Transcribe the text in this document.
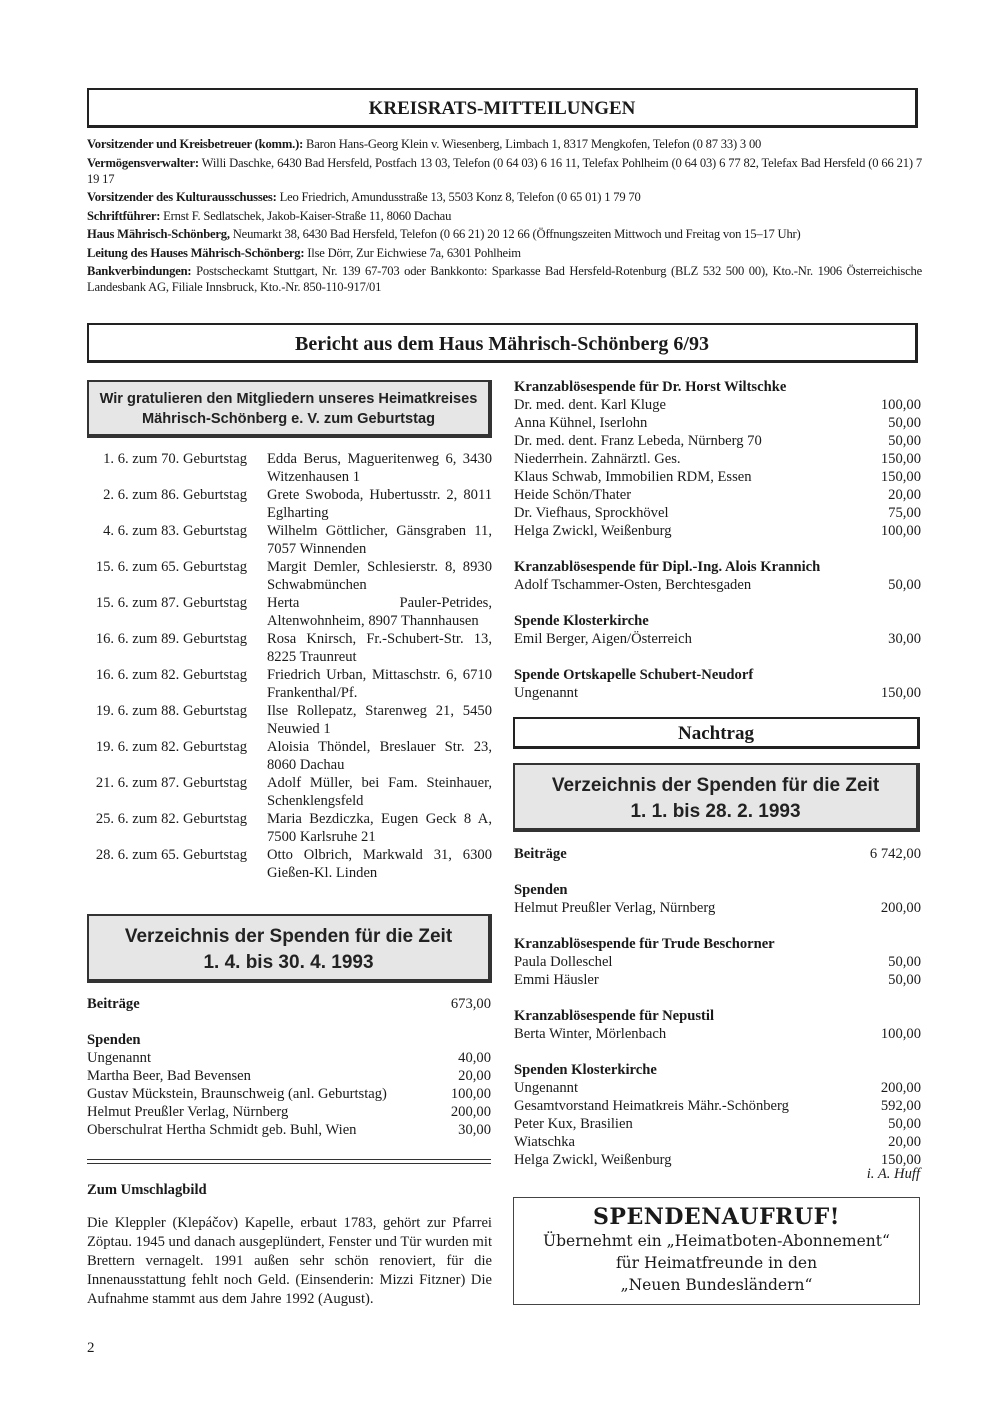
KREISRATS-MITTEILUNGEN

Vorsitzender und Kreisbetreuer (komm.): Baron Hans-Georg Klein v. Wiesenberg, Limbach 1, 8317 Mengkofen, Telefon (0 87 33) 3 00

Vermögensverwalter: Willi Daschke, 6430 Bad Hersfeld, Postfach 13 03, Telefon (0 64 03) 6 16 11, Telefax Pohlheim (0 64 03) 6 77 82, Telefax Bad Hersfeld (0 66 21) 7 19 17

Vorsitzender des Kulturausschusses: Leo Friedrich, Amundusstraße 13, 5503 Konz 8, Telefon (0 65 01) 1 79 70

Schriftführer: Ernst F. Sedlatschek, Jakob-Kaiser-Straße 11, 8060 Dachau

Haus Mährisch-Schönberg, Neumarkt 38, 6430 Bad Hersfeld, Telefon (0 66 21) 20 12 66 (Öffnungszeiten Mittwoch und Freitag von 15–17 Uhr)

Leitung des Hauses Mährisch-Schönberg: Ilse Dörr, Zur Eichwiese 7a, 6301 Pohlheim

Bankverbindungen: Postscheckamt Stuttgart, Nr. 139 67-703 oder Bankkonto: Sparkasse Bad Hersfeld-Rotenburg (BLZ 532 500 00), Kto.-Nr. 1906 Österreichische Landesbank AG, Filiale Innsbruck, Kto.-Nr. 850-110-917/01

Bericht aus dem Haus Mährisch-Schönberg 6/93
Wir gratulieren den Mitgliedern unseres Heimatkreises
Mährisch-Schönberg e. V. zum Geburtstag
1. 6. zum 70. Geburtstag Edda Berus, Magueritenweg 6, 3430 Witzenhausen 1
2. 6. zum 86. Geburtstag Grete Swoboda, Hubertusstr. 2, 8011 Eglharting
4. 6. zum 83. Geburtstag Wilhelm Göttlicher, Gänsgraben 11, 7057 Winnenden
15. 6. zum 65. Geburtstag Margit Demler, Schlesierstr. 8, 8930 Schwabmünchen
15. 6. zum 87. Geburtstag Herta Pauler-Petrides, Altenwohnheim, 8907 Thannhausen
16. 6. zum 89. Geburtstag Rosa Knirsch, Fr.-Schubert-Str. 13, 8225 Traunreut
16. 6. zum 82. Geburtstag Friedrich Urban, Mittaschstr. 6, 6710 Frankenthal/Pf.
19. 6. zum 88. Geburtstag Ilse Rollepatz, Starenweg 21, 5450 Neuwied 1
19. 6. zum 82. Geburtstag Aloisia Thöndel, Breslauer Str. 23, 8060 Dachau
21. 6. zum 87. Geburtstag Adolf Müller, bei Fam. Steinhauer, Schenklengsfeld
25. 6. zum 82. Geburtstag Maria Bezdiczka, Eugen Geck 8 A, 7500 Karlsruhe 21
28. 6. zum 65. Geburtstag Otto Olbrich, Markwald 31, 6300 Gießen-Kl. Linden
Verzeichnis der Spenden für die Zeit
1. 4. bis 30. 4. 1993
Beiträge	673,00
Spenden
Ungenannt	40,00
Martha Beer, Bad Bevensen	20,00
Gustav Mückstein, Braunschweig (anl. Geburtstag)	100,00
Helmut Preußler Verlag, Nürnberg	200,00
Oberschulrat Hertha Schmidt geb. Buhl, Wien	30,00
Zum Umschlagbild
Die Kleppler (Klepáčov) Kapelle, erbaut 1783, gehört zur Pfarrei Zöptau. 1945 und danach ausgeplündert, Fenster und Tür wurden mit Brettern vernagelt. 1991 außen sehr schön renoviert, für die Innenausstattung fehlt noch Geld. (Einsenderin: Mizzi Fitzner) Die Aufnahme stammt aus dem Jahre 1992 (August).
2
Kranzablösespende für Dr. Horst Wiltschke
Dr. med. dent. Karl Kluge	100,00
Anna Kühnel, Iserlohn	50,00
Dr. med. dent. Franz Lebeda, Nürnberg 70	50,00
Niederrhein. Zahnärztl. Ges.	150,00
Klaus Schwab, Immobilien RDM, Essen	150,00
Heide Schön/Thater	20,00
Dr. Viefhaus, Sprockhövel	75,00
Helga Zwickl, Weißenburg	100,00
Kranzablösespende für Dipl.-Ing. Alois Krannich
Adolf Tschammer-Osten, Berchtesgaden	50,00
Spende Klosterkirche
Emil Berger, Aigen/Österreich	30,00
Spende Ortskapelle Schubert-Neudorf
Ungenannt	150,00
Nachtrag
Verzeichnis der Spenden für die Zeit
1. 1. bis 28. 2. 1993
Beiträge	6 742,00
Spenden
Helmut Preußler Verlag, Nürnberg	200,00
Kranzablösespende für Trude Beschorner
Paula Dolleschel	50,00
Emmi Häusler	50,00
Kranzablösespende für Nepustil
Berta Winter, Mörlenbach	100,00
Spenden Klosterkirche
Ungenannt	200,00
Gesamtvorstand Heimatkreis Mähr.-Schönberg	592,00
Peter Kux, Brasilien	50,00
Wiatschka	20,00
Helga Zwickl, Weißenburg	150,00
i. A. Huff
SPENDENAUFRUF!
Übernehmt ein „Heimatboten-Abonnement“
für Heimatfreunde in den
„Neuen Bundesländern“
